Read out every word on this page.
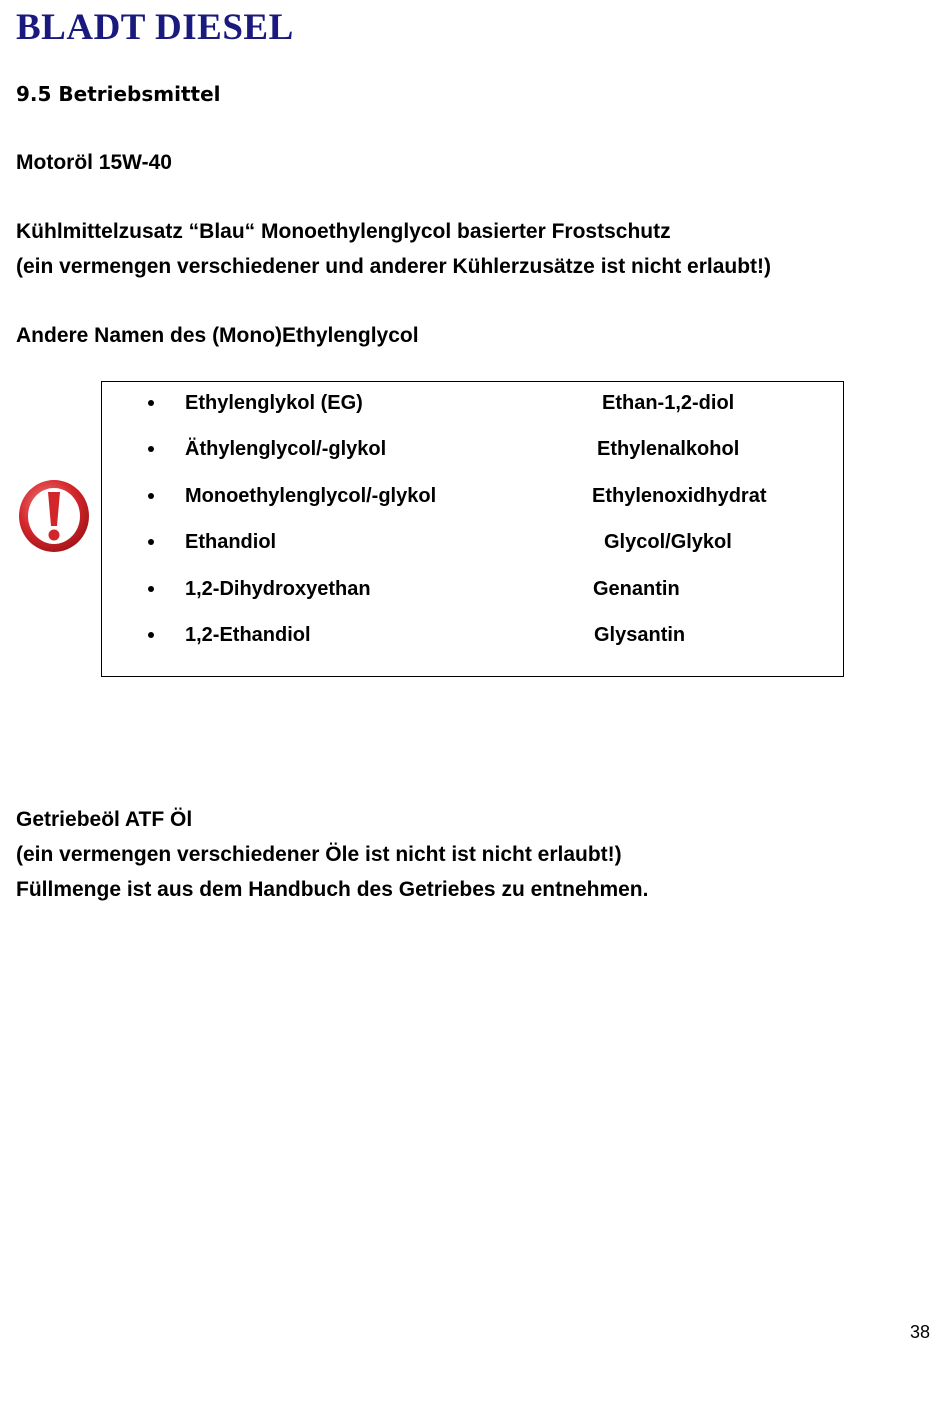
BLADT DIESEL
9.5 Betriebsmittel
Motoröl 15W-40
Kühlmittelzusatz “Blau“ Monoethylenglycol basierter Frostschutz
(ein vermengen verschiedener und anderer Kühlerzusätze ist nicht erlaubt!)
Andere Namen des (Mono)Ethylenglycol
Ethylenglykol (EG)	Ethan-1,2-diol
Äthylenglycol/-glykol	Ethylenalkohol
Monoethylenglycol/-glykol	Ethylenoxidhydrat
Ethandiol	Glycol/Glykol
1,2-Dihydroxyethan	Genantin
1,2-Ethandiol	Glysantin
Getriebeöl ATF Öl
(ein vermengen verschiedener Öle ist nicht ist nicht erlaubt!)
Füllmenge ist aus dem Handbuch des Getriebes zu entnehmen.
38
